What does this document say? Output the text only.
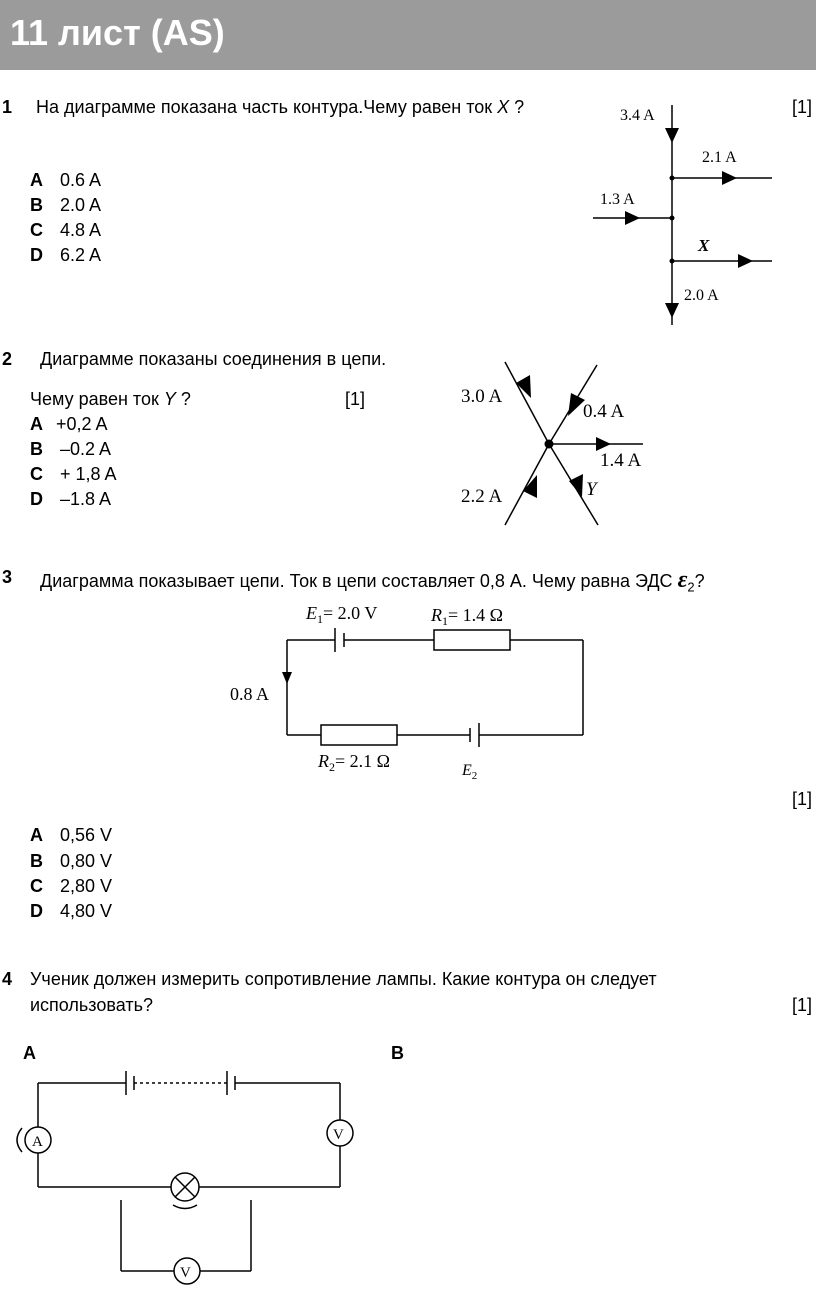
11 лист (AS)
1 На диаграмме показана часть контура.Чему равен ток X ?	[1]
A 0.6 A
B 2.0 A
C 4.8 A
D 6.2 A
3.4 A
2.1 A
1.3 A
X
2.0 A
2 Диаграмме показаны соединения в цепи.
Чему равен ток Y ?	[1]
A +0,2 A
B –0.2 A
C + 1,8 A
D –1.8 A
3.0 A
0.4 A
1.4 A
2.2 A	Y
3 Диаграмма показывает цепи. Ток в цепи составляет 0,8 А. Чему равна ЭДС $\varepsilon_2$?
[1]
$E_1= 2.0$ V	$R_1= 1.4$ Ω
0.8 A
$R_2= 2.1$ Ω	$E_2$
A 0,56 V
B 0,80 V
C 2,80 V
D 4,80 V
4 Ученик должен измерить сопротивление лампы. Какие контура он следует
использовать?	[1]
A	B
A	V
V
